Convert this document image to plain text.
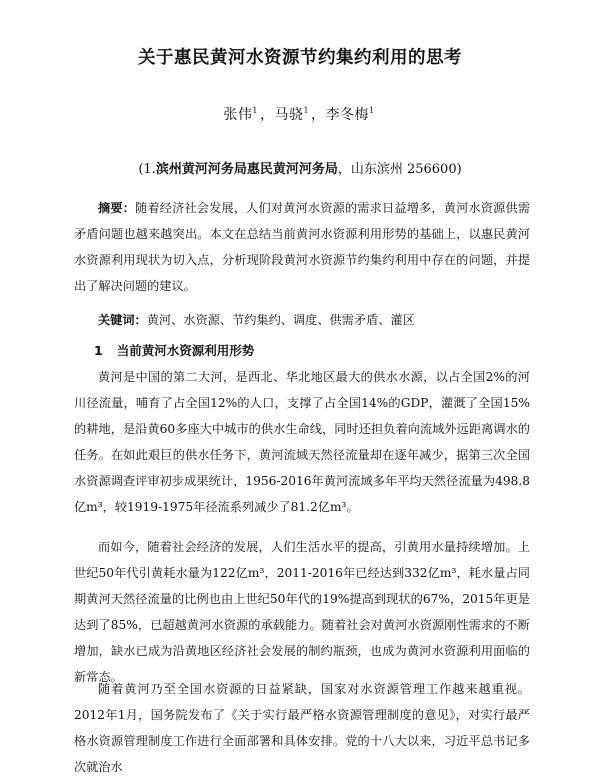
关于惠民黄河水资源节约集约利用的思考
张伟$^1$ ，马骁$^1$ ，李冬梅$^1$
(1.滨州黄河河务局惠民黄河河务局，山东滨州 256600)
摘要：随着经济社会发展，人们对黄河水资源的需求日益增多，黄河水资源供需矛盾问题也越来越突出。本文在总结当前黄河水资源利用形势的基础上，以惠民黄河水资源利用现状为切入点，分析现阶段黄河水资源节约集约利用中存在的问题，并提出了解决问题的建议。
关键词：黄河、水资源、节约集约、调度、供需矛盾、灌区
1 当前黄河水资源利用形势
黄河是中国的第二大河，是西北、华北地区最大的供水水源，以占全国2%的河川径流量，哺育了占全国12%的人口，支撑了占全国14%的GDP，灌溉了全国15%的耕地，是沿黄60多座大中城市的供水生命线，同时还担负着向流域外远距离调水的任务。在如此艰巨的供水任务下，黄河流域天然径流量却在逐年减少，据第三次全国水资源调查评审初步成果统计，1956-2016年黄河流域多年平均天然径流量为498.8亿m³，较1919-1975年径流系列减少了81.2亿m³。
而如今，随着社会经济的发展，人们生活水平的提高，引黄用水量持续增加。上世纪50年代引黄耗水量为122亿m³，2011-2016年已经达到332亿m³，耗水量占同期黄河天然径流量的比例也由上世纪50年代的19%提高到现状的67%，2015年更是达到了85%，已超越黄河水资源的承载能力。随着社会对黄河水资源刚性需求的不断增加，缺水已成为沿黄地区经济社会发展的制约瓶颈，也成为黄河水资源利用面临的新常态。
随着黄河乃至全国水资源的日益紧缺，国家对水资源管理工作越来越重视。2012年1月，国务院发布了《关于实行最严格水资源管理制度的意见》，对实行最严格水资源管理制度工作进行全面部署和具体安排。党的十八大以来，习近平总书记多次就治水
